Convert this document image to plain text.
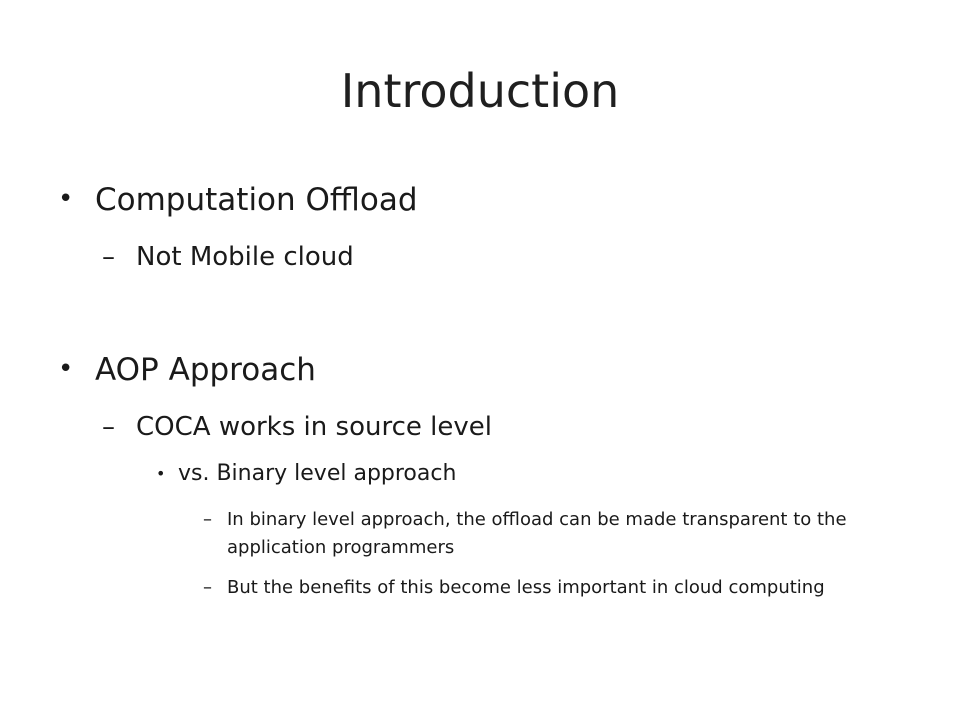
Introduction
• Computation Offload
– Not Mobile cloud
• AOP Approach
– COCA works in source level
• vs. Binary level approach
– In binary level approach, the offload can be made transparent to the application programmers
– But the benefits of this become less important in cloud computing
